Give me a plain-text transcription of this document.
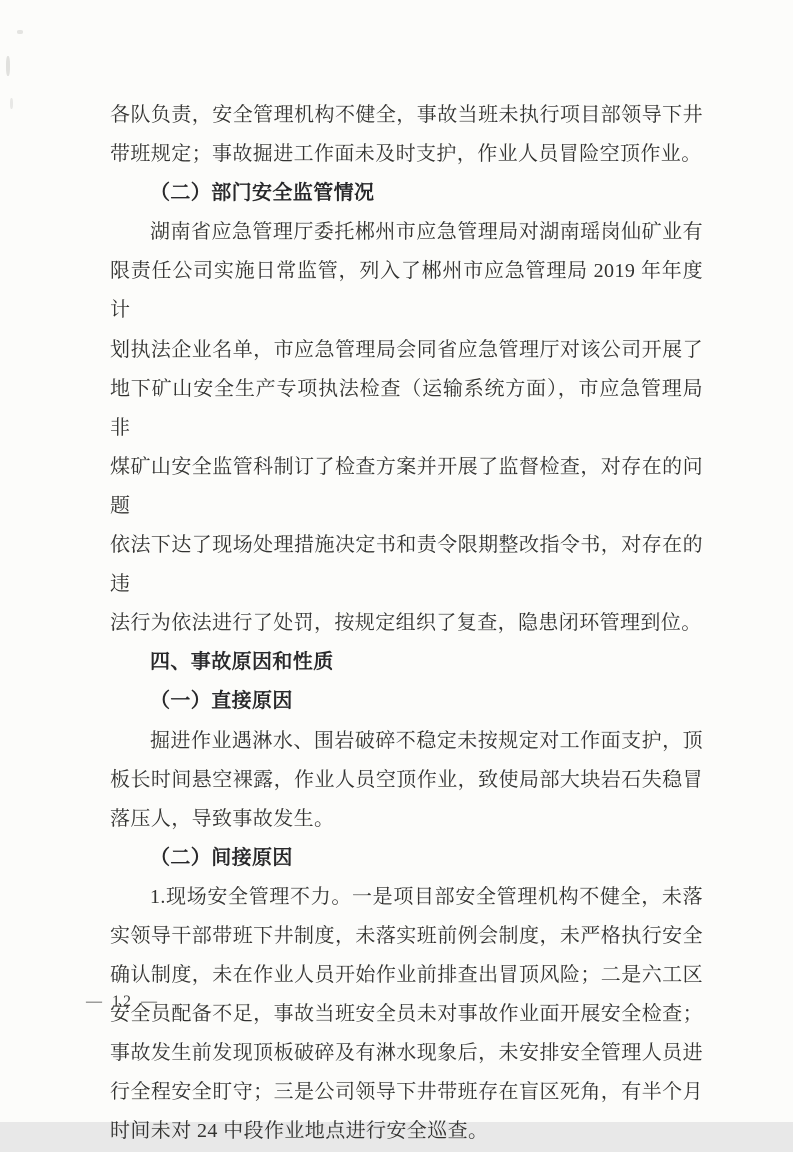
各队负责，安全管理机构不健全，事故当班未执行项目部领导下井
带班规定；事故掘进工作面未及时支护，作业人员冒险空顶作业。
（二）部门安全监管情况
湖南省应急管理厅委托郴州市应急管理局对湖南瑶岗仙矿业有
限责任公司实施日常监管，列入了郴州市应急管理局 2019 年年度计
划执法企业名单，市应急管理局会同省应急管理厅对该公司开展了
地下矿山安全生产专项执法检查（运输系统方面），市应急管理局非
煤矿山安全监管科制订了检查方案并开展了监督检查，对存在的问题
依法下达了现场处理措施决定书和责令限期整改指令书，对存在的违
法行为依法进行了处罚，按规定组织了复查，隐患闭环管理到位。
四、事故原因和性质
（一）直接原因
掘进作业遇淋水、围岩破碎不稳定未按规定对工作面支护，顶
板长时间悬空裸露，作业人员空顶作业，致使局部大块岩石失稳冒
落压人，导致事故发生。
（二）间接原因
1.现场安全管理不力。一是项目部安全管理机构不健全，未落
实领导干部带班下井制度，未落实班前例会制度，未严格执行安全
确认制度，未在作业人员开始作业前排查出冒顶风险；二是六工区
安全员配备不足，事故当班安全员未对事故作业面开展安全检查；
事故发生前发现顶板破碎及有淋水现象后，未安排安全管理人员进
行全程安全盯守；三是公司领导下井带班存在盲区死角，有半个月
时间未对 24 中段作业地点进行安全巡查。
— 12 —
